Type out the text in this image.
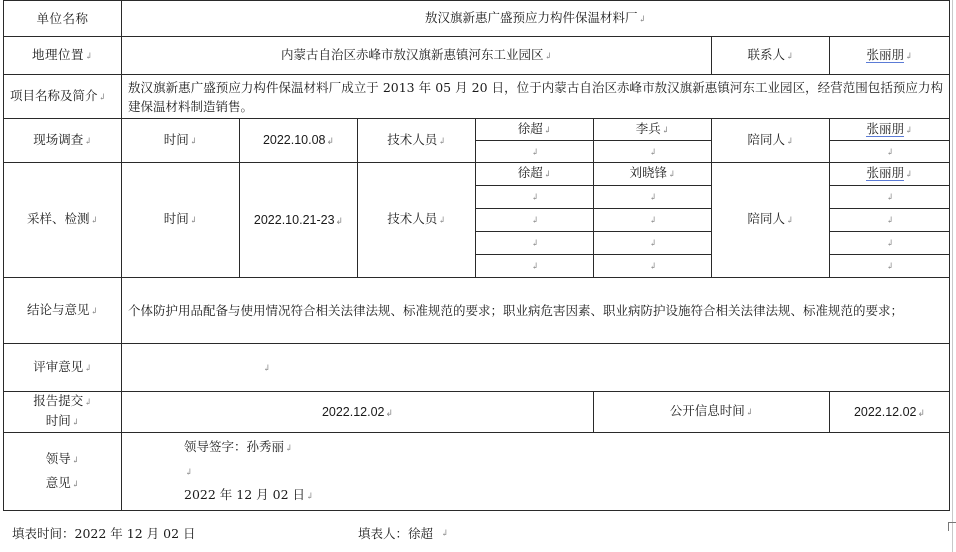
单位名称	敖汉旗新惠广盛预应力构件保温材料厂 ↲
地理位置 ↲	内蒙古自治区赤峰市敖汉旗新惠镇河东工业园区 ↲					联系人 ↲	张丽朋 ↲
项目名称及简介 ↲	敖汉旗新惠广盛预应力构件保温材料厂成立于 2013 年 05 月 20 日，位于内蒙古自治区赤峰市敖汉旗新惠镇河东工业园区，经营范围包括预应力构建保温材料制造销售。						
现场调查 ↲	时间 ↲	2022.10.08 ↲	技术人员 ↲	徐超 ↲	李兵 ↲	陪同人 ↲	张丽朋 ↲
↲	↲	↲
采样、检测 ↲	时间 ↲	2022.10.21-23 ↲	技术人员 ↲	徐超 ↲	刘晓锋 ↲	陪同人 ↲	张丽朋 ↲
↲	↲	↲
↲	↲	↲
↲	↲	↲
↲	↲	↲
结论与意见 ↲	个体防护用品配备与使用情况符合相关法律法规、标准规范的要求；职业病危害因素、职业病防护设施符合相关法律法规、标准规范的要求；						
评审意见 ↲	↲
报告提交 ↲
时间 ↲	2022.12.02 ↲				公开信息时间 ↲		2022.12.02 ↲
领导 ↲
意见 ↲	领导签字：孙秀丽 ↲
↲
2022 年 12 月 02 日 ↲
填表时间：2022 年 12 月 02 日	填表人：徐超
↲
